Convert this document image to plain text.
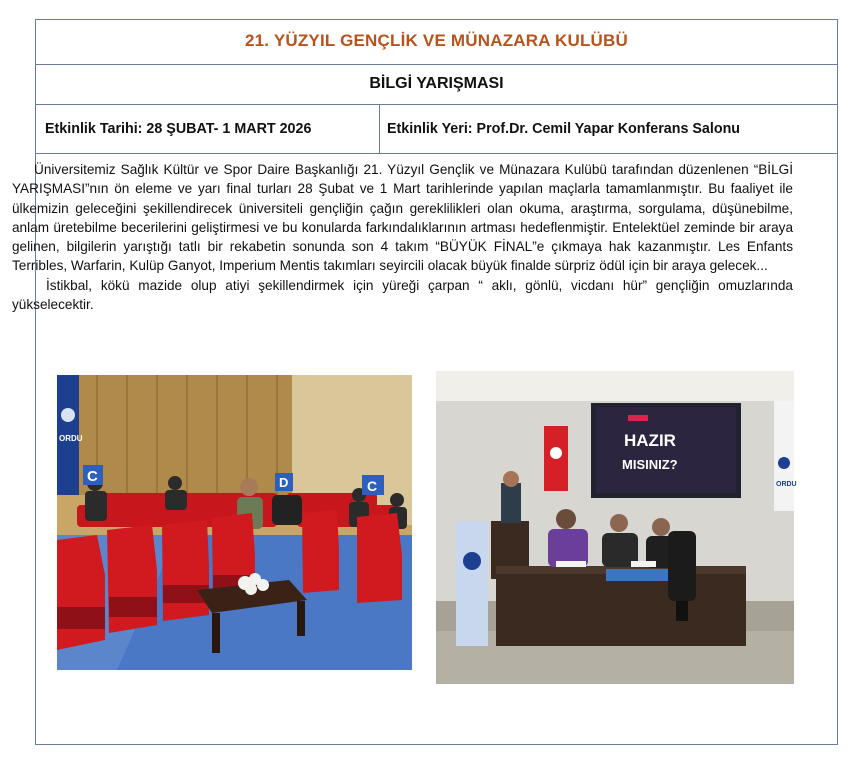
21. YÜZYIL GENÇLİK VE MÜNAZARA KULÜBÜ
BİLGİ YARIŞMASI
Etkinlik Tarihi: 28 ŞUBAT- 1 MART 2026	Etkinlik Yeri: Prof.Dr. Cemil Yapar Konferans Salonu

Üniversitemiz Sağlık Kültür ve Spor Daire Başkanlığı 21. Yüzyıl Gençlik ve Münazara Kulübü tarafından düzenlenen “BİLGİ YARIŞMASI”nın ön eleme ve yarı final turları 28 Şubat ve 1 Mart tarihlerinde yapılan maçlarla tamamlanmıştır. Bu faaliyet ile ülkemizin geleceğini şekillendirecek üniversiteli gençliğin çağın gereklilikleri olan okuma, araştırma, sorgulama, düşünebilme, anlam üretebilme becerilerini geliştirmesi ve bu konularda farkındalıklarının artması hedeflenmiştir. Entelektüel zeminde bir araya gelinen, bilgilerin yarıştığı tatlı bir rekabetin sonunda son 4 takım “BÜYÜK FİNAL”e çıkmaya hak kazanmıştır. Les Enfants Terribles, Warfarin, Kulüp Ganyot, Imperium Mentis takımları seyircili olacak büyük finalde sürpriz ödül için bir araya gelecek...

İstikbal, kökü mazide olup atiyi şekillendirmek için yüreği çarpan “ aklı, gönlü, vicdanı hür” gençliğin omuzlarında yükselecektir.

ORDU
C	D	C
HAZIR
MISINIZ?
ORDU
